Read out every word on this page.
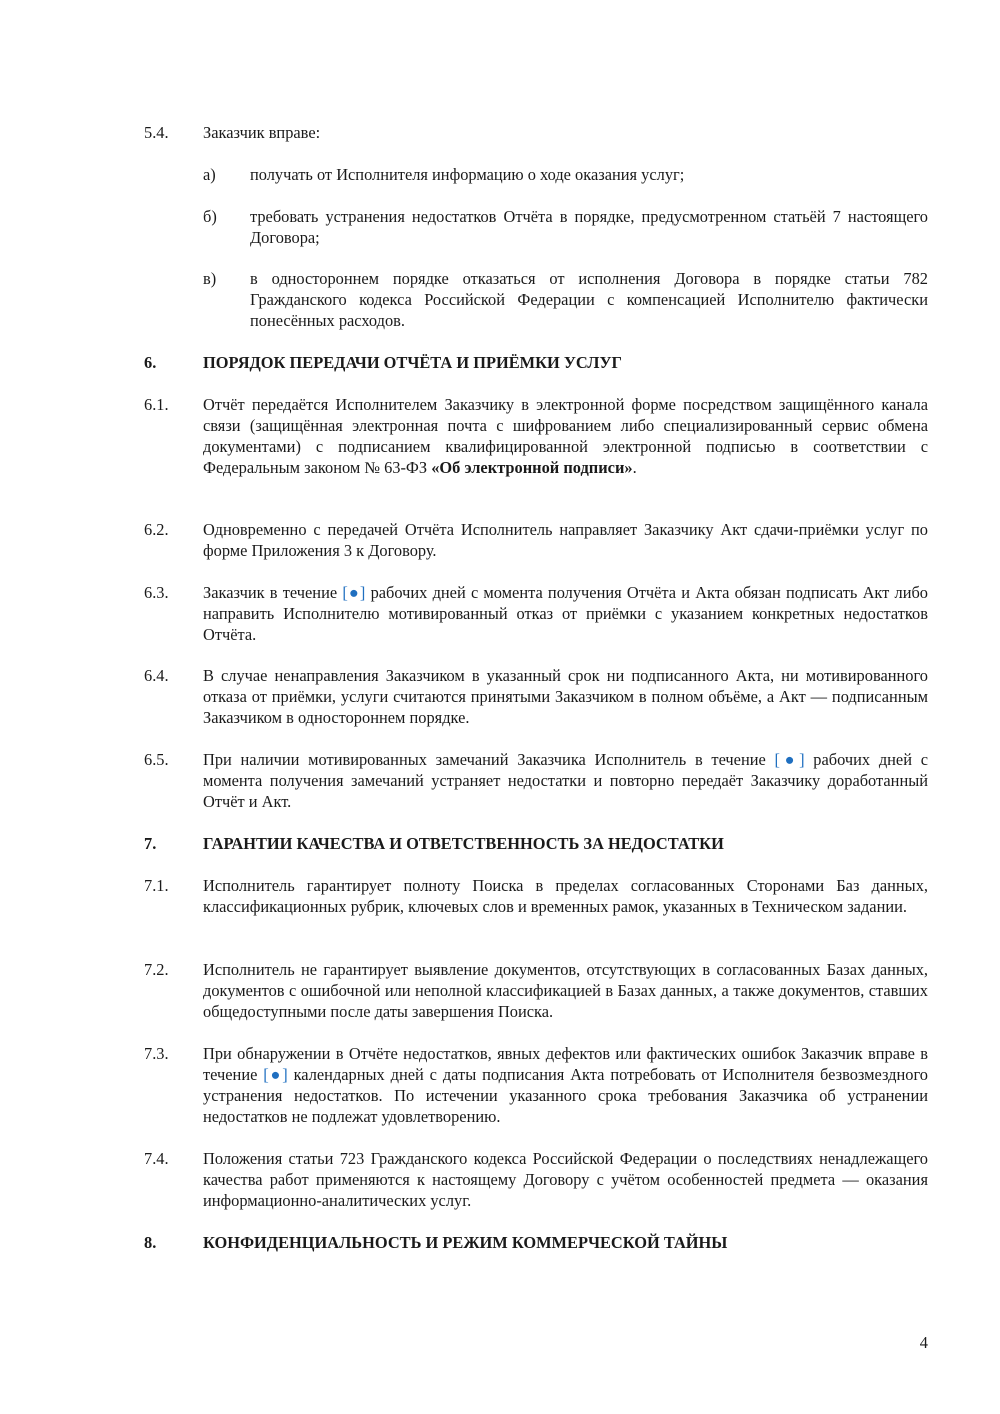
5.4.	Заказчик вправе:
а)	получать от Исполнителя информацию о ходе оказания услуг;
б)	требовать устранения недостатков Отчёта в порядке, предусмотренном статьёй 7 настоящего Договора;
в)	в одностороннем порядке отказаться от исполнения Договора в порядке статьи 782 Гражданского кодекса Российской Федерации с компенсацией Исполнителю фактически понесённых расходов.
6.	ПОРЯДОК ПЕРЕДАЧИ ОТЧЁТА И ПРИЁМКИ УСЛУГ
6.1.	Отчёт передаётся Исполнителем Заказчику в электронной форме посредством защищённого канала связи (защищённая электронная почта с шифрованием либо специализированный сервис обмена документами) с подписанием квалифицированной электронной подписью в соответствии с Федеральным законом № 63-ФЗ «Об электронной подписи».
6.2.	Одновременно с передачей Отчёта Исполнитель направляет Заказчику Акт сдачи-приёмки услуг по форме Приложения 3 к Договору.
6.3.	Заказчик в течение [●] рабочих дней с момента получения Отчёта и Акта обязан подписать Акт либо направить Исполнителю мотивированный отказ от приёмки с указанием конкретных недостатков Отчёта.
6.4.	В случае ненаправления Заказчиком в указанный срок ни подписанного Акта, ни мотивированного отказа от приёмки, услуги считаются принятыми Заказчиком в полном объёме, а Акт — подписанным Заказчиком в одностороннем порядке.
6.5.	При наличии мотивированных замечаний Заказчика Исполнитель в течение [●] рабочих дней с момента получения замечаний устраняет недостатки и повторно передаёт Заказчику доработанный Отчёт и Акт.
7.	ГАРАНТИИ КАЧЕСТВА И ОТВЕТСТВЕННОСТЬ ЗА НЕДОСТАТКИ
7.1.	Исполнитель гарантирует полноту Поиска в пределах согласованных Сторонами Баз данных, классификационных рубрик, ключевых слов и временных рамок, указанных в Техническом задании.
7.2.	Исполнитель не гарантирует выявление документов, отсутствующих в согласованных Базах данных, документов с ошибочной или неполной классификацией в Базах данных, а также документов, ставших общедоступными после даты завершения Поиска.
7.3.	При обнаружении в Отчёте недостатков, явных дефектов или фактических ошибок Заказчик вправе в течение [●] календарных дней с даты подписания Акта потребовать от Исполнителя безвозмездного устранения недостатков. По истечении указанного срока требования Заказчика об устранении недостатков не подлежат удовлетворению.
7.4.	Положения статьи 723 Гражданского кодекса Российской Федерации о последствиях ненадлежащего качества работ применяются к настоящему Договору с учётом особенностей предмета — оказания информационно-аналитических услуг.
8.	КОНФИДЕНЦИАЛЬНОСТЬ И РЕЖИМ КОММЕРЧЕСКОЙ ТАЙНЫ
4
